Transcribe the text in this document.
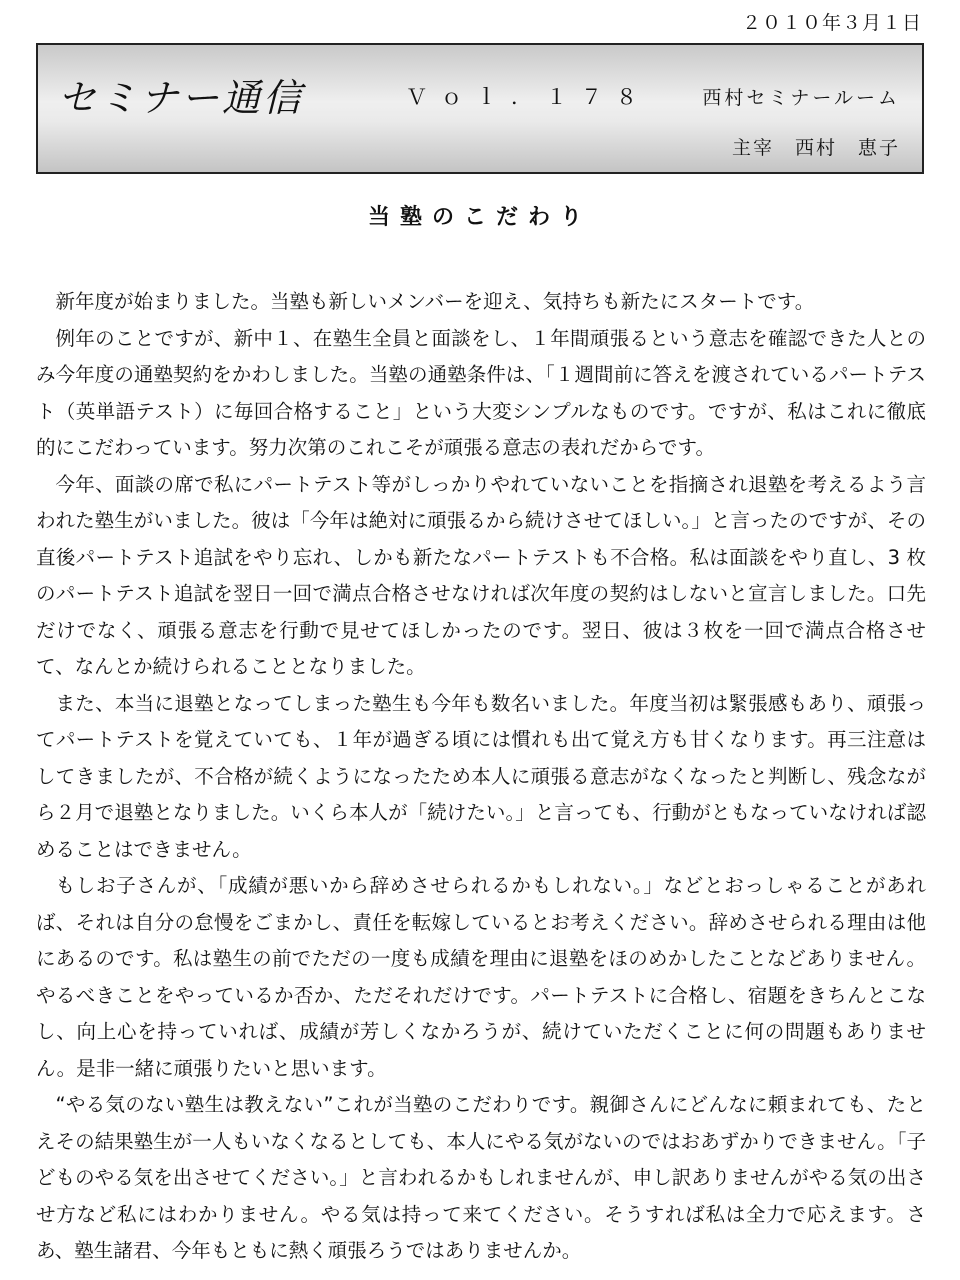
２０１０年３月１日
セミナー通信	Ｖｏｌ．１７８	西村セミナールーム
主宰　西村　恵子
当塾のこだわり

新年度が始まりました。当塾も新しいメンバーを迎え、気持ちも新たにスタートです。

例年のことですが、新中１、在塾生全員と面談をし、１年間頑張るという意志を確認できた人とのみ今年度の通塾契約をかわしました。当塾の通塾条件は、「１週間前に答えを渡されているパートテスト（英単語テスト）に毎回合格すること」という大変シンプルなものです。ですが、私はこれに徹底的にこだわっています。努力次第のこれこそが頑張る意志の表れだからです。

今年、面談の席で私にパートテスト等がしっかりやれていないことを指摘され退塾を考えるよう言われた塾生がいました。彼は「今年は絶対に頑張るから続けさせてほしい。」と言ったのですが、その直後パートテスト追試をやり忘れ、しかも新たなパートテストも不合格。私は面談をやり直し、3 枚のパートテスト追試を翌日一回で満点合格させなければ次年度の契約はしないと宣言しました。口先だけでなく、頑張る意志を行動で見せてほしかったのです。翌日、彼は３枚を一回で満点合格させて、なんとか続けられることとなりました。

また、本当に退塾となってしまった塾生も今年も数名いました。年度当初は緊張感もあり、頑張ってパートテストを覚えていても、１年が過ぎる頃には慣れも出て覚え方も甘くなります。再三注意はしてきましたが、不合格が続くようになったため本人に頑張る意志がなくなったと判断し、残念ながら２月で退塾となりました。いくら本人が「続けたい。」と言っても、行動がともなっていなければ認めることはできません。

もしお子さんが、「成績が悪いから辞めさせられるかもしれない。」などとおっしゃることがあれば、それは自分の怠慢をごまかし、責任を転嫁しているとお考えください。辞めさせられる理由は他にあるのです。私は塾生の前でただの一度も成績を理由に退塾をほのめかしたことなどありません。やるべきことをやっているか否か、ただそれだけです。パートテストに合格し、宿題をきちんとこなし、向上心を持っていれば、成績が芳しくなかろうが、続けていただくことに何の問題もありません。是非一緒に頑張りたいと思います。

“やる気のない塾生は教えない”これが当塾のこだわりです。親御さんにどんなに頼まれても、たとえその結果塾生が一人もいなくなるとしても、本人にやる気がないのではおあずかりできません。「子どものやる気を出させてください。」と言われるかもしれませんが、申し訳ありませんがやる気の出させ方など私にはわかりません。やる気は持って来てください。そうすれば私は全力で応えます。さあ、塾生諸君、今年もともに熱く頑張ろうではありませんか。
